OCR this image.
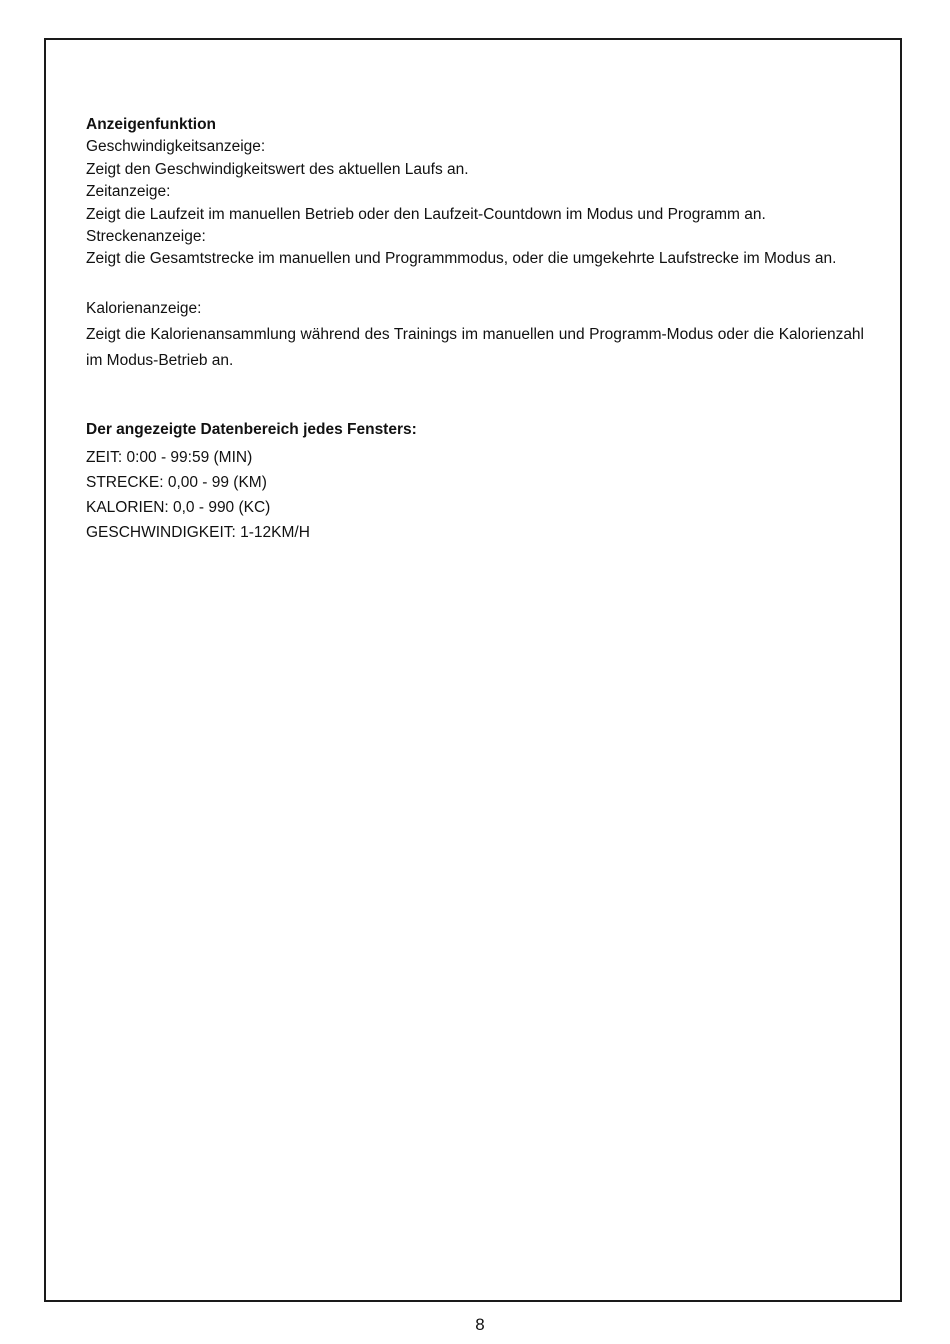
Anzeigenfunktion

Geschwindigkeitsanzeige:

Zeigt den Geschwindigkeitswert des aktuellen Laufs an.

Zeitanzeige:

Zeigt die Laufzeit im manuellen Betrieb oder den Laufzeit-Countdown im Modus und Programm an.

Streckenanzeige:

Zeigt die Gesamtstrecke im manuellen und Programmmodus, oder die umgekehrte Laufstrecke im Modus an.

Kalorienanzeige:

Zeigt die Kalorienansammlung während des Trainings im manuellen und Programm-Modus oder die Kalorienzahl im Modus-Betrieb an.

Der angezeigte Datenbereich jedes Fensters:

ZEIT: 0:00 - 99:59 (MIN)

STRECKE: 0,00 - 99 (KM)

KALORIEN: 0,0 - 990 (KC)

GESCHWINDIGKEIT: 1-12KM/H

8
